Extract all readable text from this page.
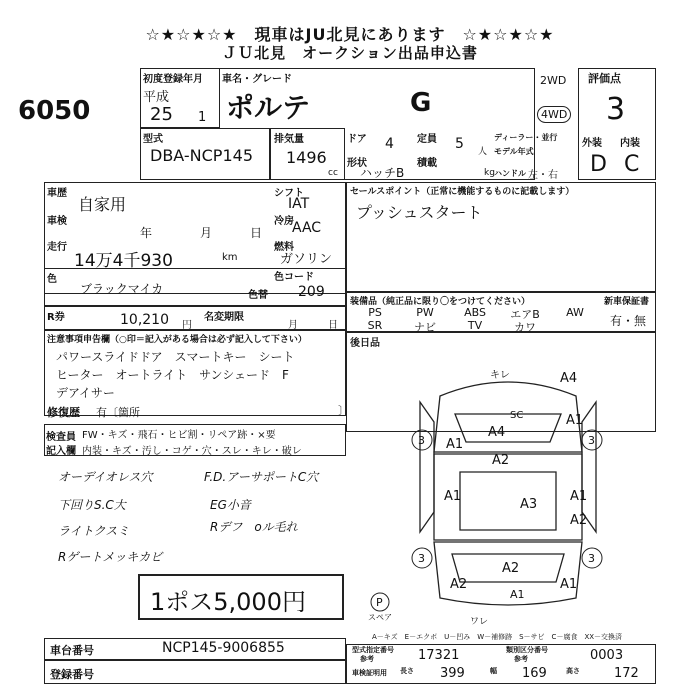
☆★☆★☆★　現車はJU北見にあります　☆★☆★☆★
ＪＵ北見　オークション出品申込書
6050
初度登録年月
平成
25 1
車名・グレード
ポルテ	G
型式
DBA-NCP145
排気量
1496
cc
ドア 4 定員 5 人
形状
ハッチB
積載
kg
ディーラー・並行
モデル年式
ハンドル 左・右
2WD
4WD
評価点
3
外装 内装
D C
車歴
自家用
車検
年	月	日
走行
14万4千930	km
シフト
IAT
冷房
AAC
燃料
ガソリン
色
ブラックマイカ
色コード
色替 209
R券	10,210 円
名変期限
月	日
セールスポイント（正常に機能するものに記載します）
プッシュスタート
装備品（純正品に限り〇をつけてください）
PS	PW	ABS	エアB	AW
SR	ナビ	TV	カワ
新車保証書
有・無
後日品
注意事項申告欄（○印＝記入がある場合は必ず記入して下さい）
パワースライドドア　スマートキー　シート
ヒーター　オートライト　サンシェード　F
デアイサー
修復歴 有〔箇所	〕
検査員
記入欄
FW・キズ・飛石・ヒビ割・リペア跡・×要
内装・キズ・汚し・コゲ・穴・スレ・キレ・破レ
オーデイオレス穴
下回りS.C大
ライトクスミ
Rゲートメッキカビ
F.D.アーサポートC穴
EG小音
Rデフ　oル毛れ
1ポス5,000円
A4
A1
3	3
A1
A2
A1
A3
A1
A2
A2
A2	A1
3	3
A1
A4
キレ
SC
P
スペア	ワレ
A－キズ　E－エクボ　U－凹み　W－補修跡　S－サビ　C－腐食　XX－交換済
車台番号	NCP145-9006855
登録番号
型式指定番号
参考	17321	類別区分番号
参考	0003
車検証明用 長さ 399	幅 169	高さ	172
